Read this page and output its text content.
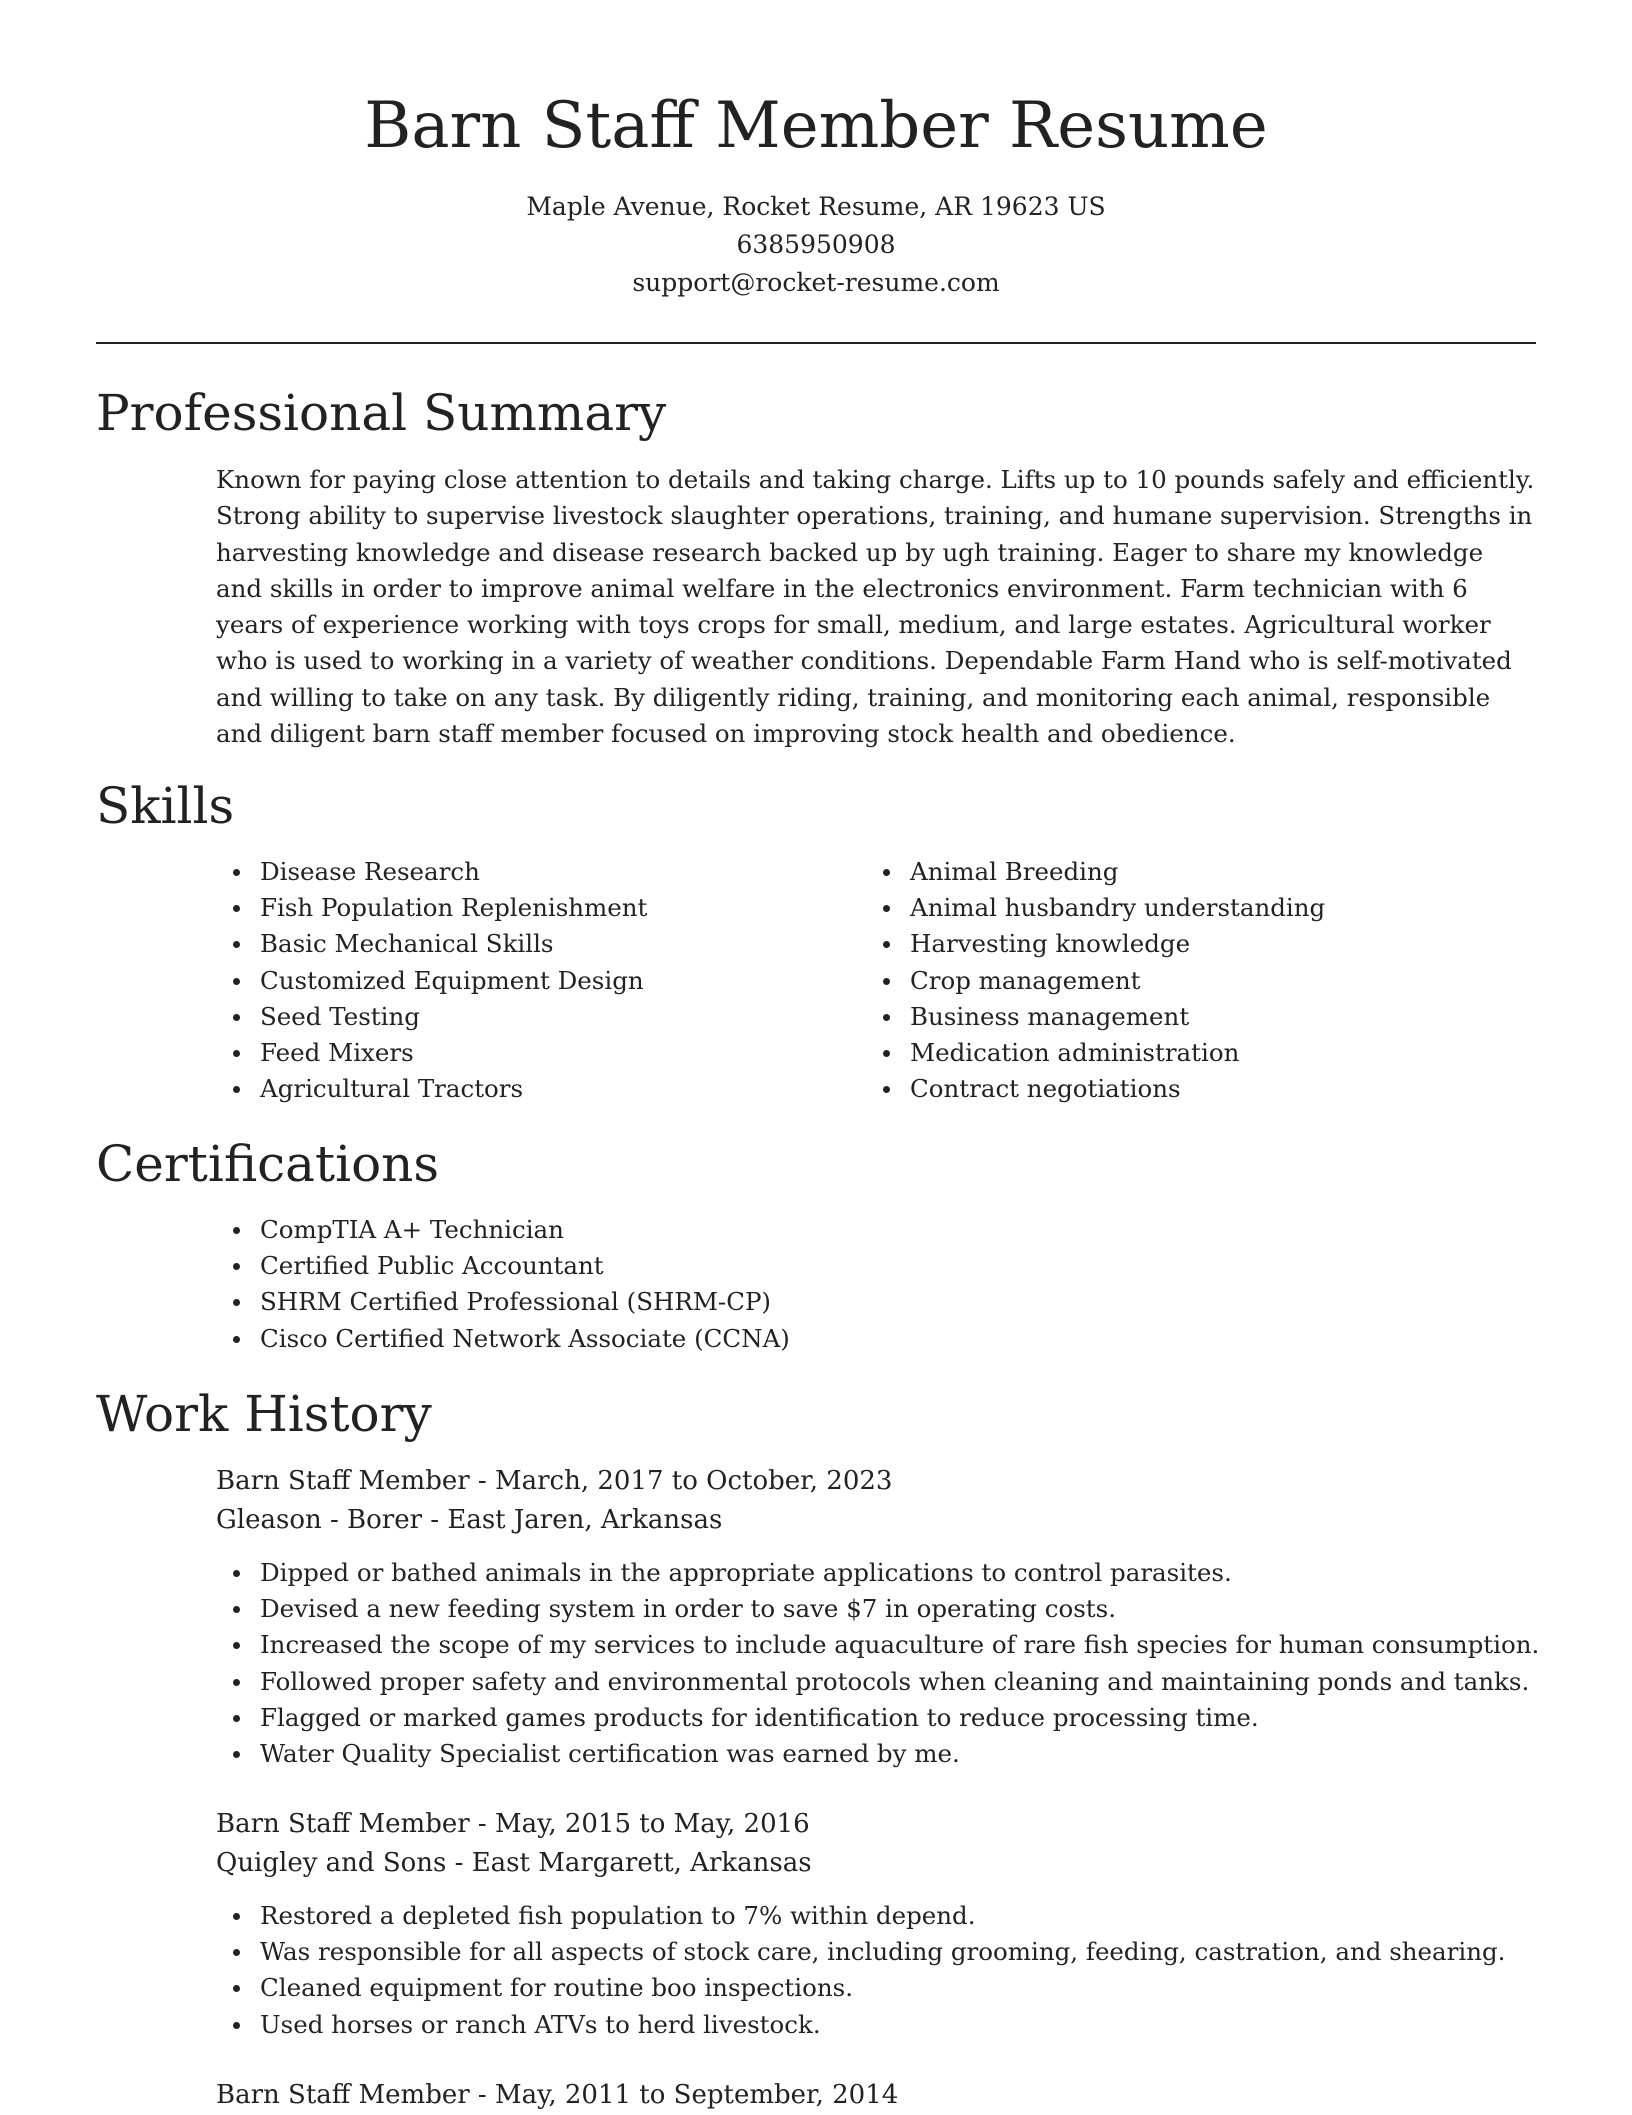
Barn Staff Member Resume
Maple Avenue, Rocket Resume, AR 19623 US
6385950908
support@rocket-resume.com
Professional Summary

Known for paying close attention to details and taking charge. Lifts up to 10 pounds safely and efficiently. Strong ability to supervise livestock slaughter operations, training, and humane supervision. Strengths in harvesting knowledge and disease research backed up by ugh training. Eager to share my knowledge and skills in order to improve animal welfare in the electronics environment. Farm technician with 6 years of experience working with toys crops for small, medium, and large estates. Agricultural worker who is used to working in a variety of weather conditions. Dependable Farm Hand who is self-motivated and willing to take on any task. By diligently riding, training, and monitoring each animal, responsible and diligent barn staff member focused on improving stock health and obedience.

Skills
Disease Research
Fish Population Replenishment
Basic Mechanical Skills
Customized Equipment Design
Seed Testing
Feed Mixers
Agricultural Tractors
Animal Breeding
Animal husbandry understanding
Harvesting knowledge
Crop management
Business management
Medication administration
Contract negotiations
Certifications
CompTIA A+ Technician
Certified Public Accountant
SHRM Certified Professional (SHRM-CP)
Cisco Certified Network Associate (CCNA)
Work History
Barn Staff Member - March, 2017 to October, 2023
Gleason - Borer - East Jaren, Arkansas
Dipped or bathed animals in the appropriate applications to control parasites.
Devised a new feeding system in order to save $7 in operating costs.
Increased the scope of my services to include aquaculture of rare fish species for human consumption.
Followed proper safety and environmental protocols when cleaning and maintaining ponds and tanks.
Flagged or marked games products for identification to reduce processing time.
Water Quality Specialist certification was earned by me.
Barn Staff Member - May, 2015 to May, 2016
Quigley and Sons - East Margarett, Arkansas
Restored a depleted fish population to 7% within depend.
Was responsible for all aspects of stock care, including grooming, feeding, castration, and shearing.
Cleaned equipment for routine boo inspections.
Used horses or ranch ATVs to herd livestock.
Barn Staff Member - May, 2011 to September, 2014
